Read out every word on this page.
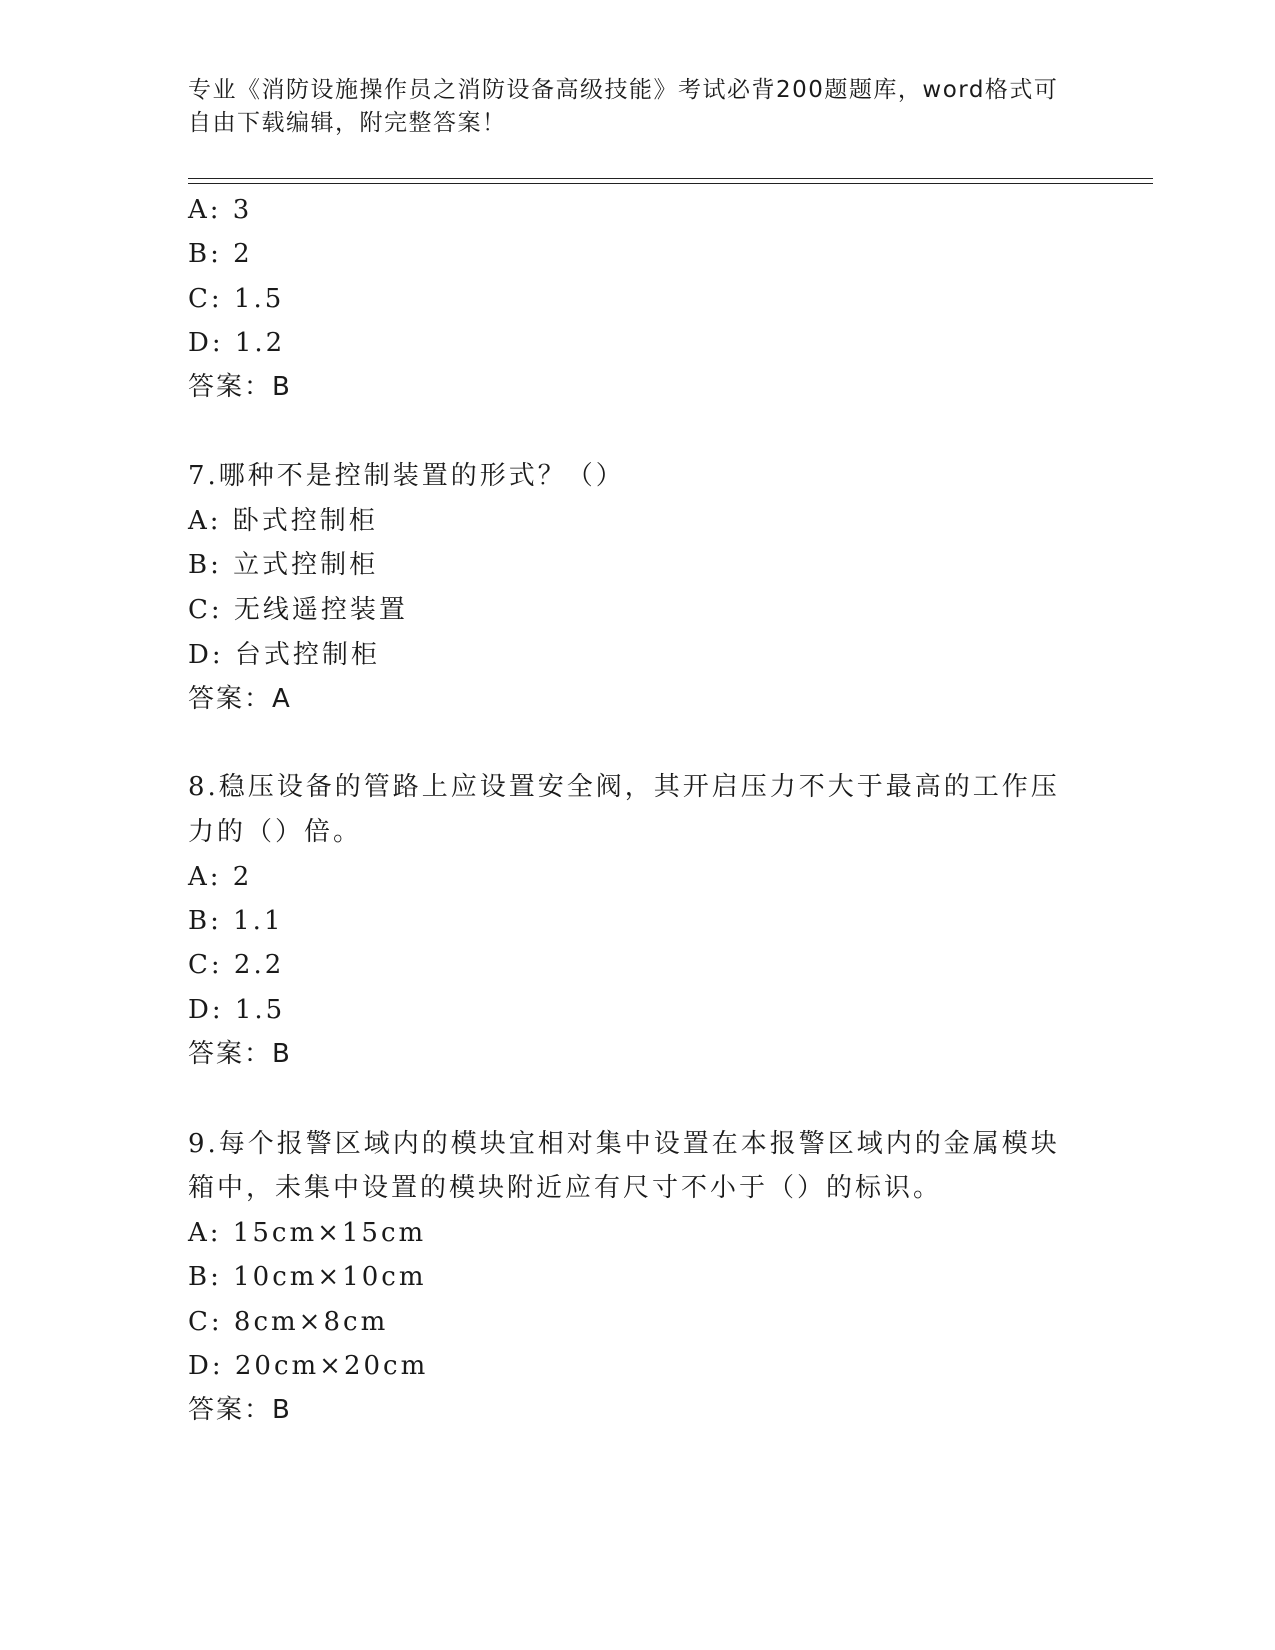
专业《消防设施操作员之消防设备高级技能》考试必背200题题库，word格式可
自由下载编辑，附完整答案！
A: 3
B: 2
C: 1.5
D: 1.2
答案：B
7.哪种不是控制装置的形式？（）
A: 卧式控制柜
B: 立式控制柜
C: 无线遥控装置
D: 台式控制柜
答案：A
8.稳压设备的管路上应设置安全阀，其开启压力不大于最高的工作压
力的（）倍。
A: 2
B: 1.1
C: 2.2
D: 1.5
答案：B
9.每个报警区域内的模块宜相对集中设置在本报警区域内的金属模块
箱中，未集中设置的模块附近应有尺寸不小于（）的标识。
A: 15cm×15cm
B: 10cm×10cm
C: 8cm×8cm
D: 20cm×20cm
答案：B
